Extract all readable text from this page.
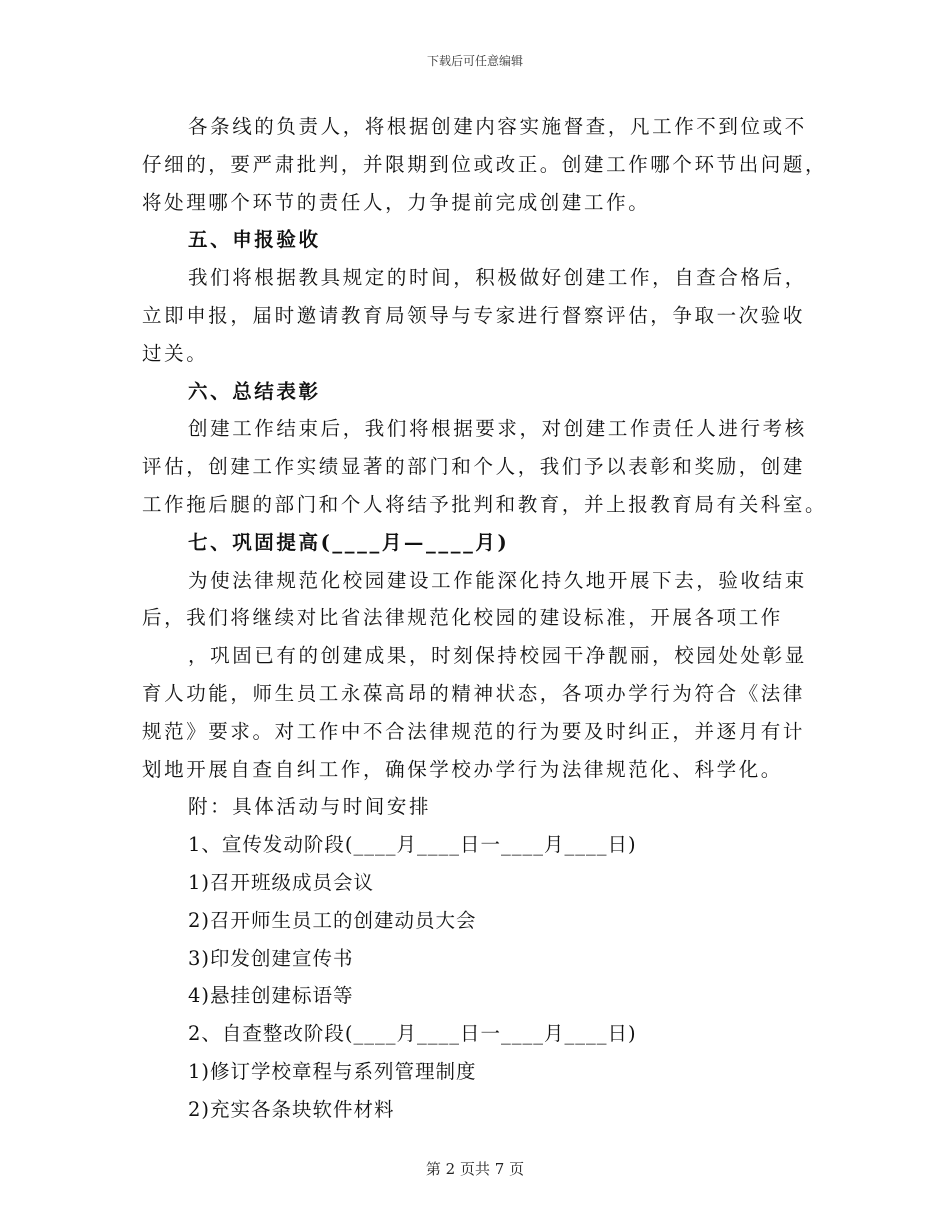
下载后可任意编辑
各条线的负责人，将根据创建内容实施督查，凡工作不到位或不
仔细的，要严肃批判，并限期到位或改正。创建工作哪个环节出问题，
将处理哪个环节的责任人，力争提前完成创建工作。
五、申报验收
我们将根据教具规定的时间，积极做好创建工作，自查合格后，
立即申报，届时邀请教育局领导与专家进行督察评估，争取一次验收
过关。
六、总结表彰
创建工作结束后，我们将根据要求，对创建工作责任人进行考核
评估，创建工作实绩显著的部门和个人，我们予以表彰和奖励，创建
工作拖后腿的部门和个人将结予批判和教育，并上报教育局有关科室。
七、巩固提高(____月—____月)
为使法律规范化校园建设工作能深化持久地开展下去，验收结束
后，我们将继续对比省法律规范化校园的建设标准，开展各项工作
，巩固已有的创建成果，时刻保持校园干净靓丽，校园处处彰显
育人功能，师生员工永葆高昂的精神状态，各项办学行为符合《法律
规范》要求。对工作中不合法律规范的行为要及时纠正，并逐月有计
划地开展自查自纠工作，确保学校办学行为法律规范化、科学化。
附：具体活动与时间安排
1、宣传发动阶段(____月____日一____月____日)
1)召开班级成员会议
2)召开师生员工的创建动员大会
3)印发创建宣传书
4)悬挂创建标语等
2、自查整改阶段(____月____日一____月____日)
1)修订学校章程与系列管理制度
2)充实各条块软件材料
第 2 页共 7 页
